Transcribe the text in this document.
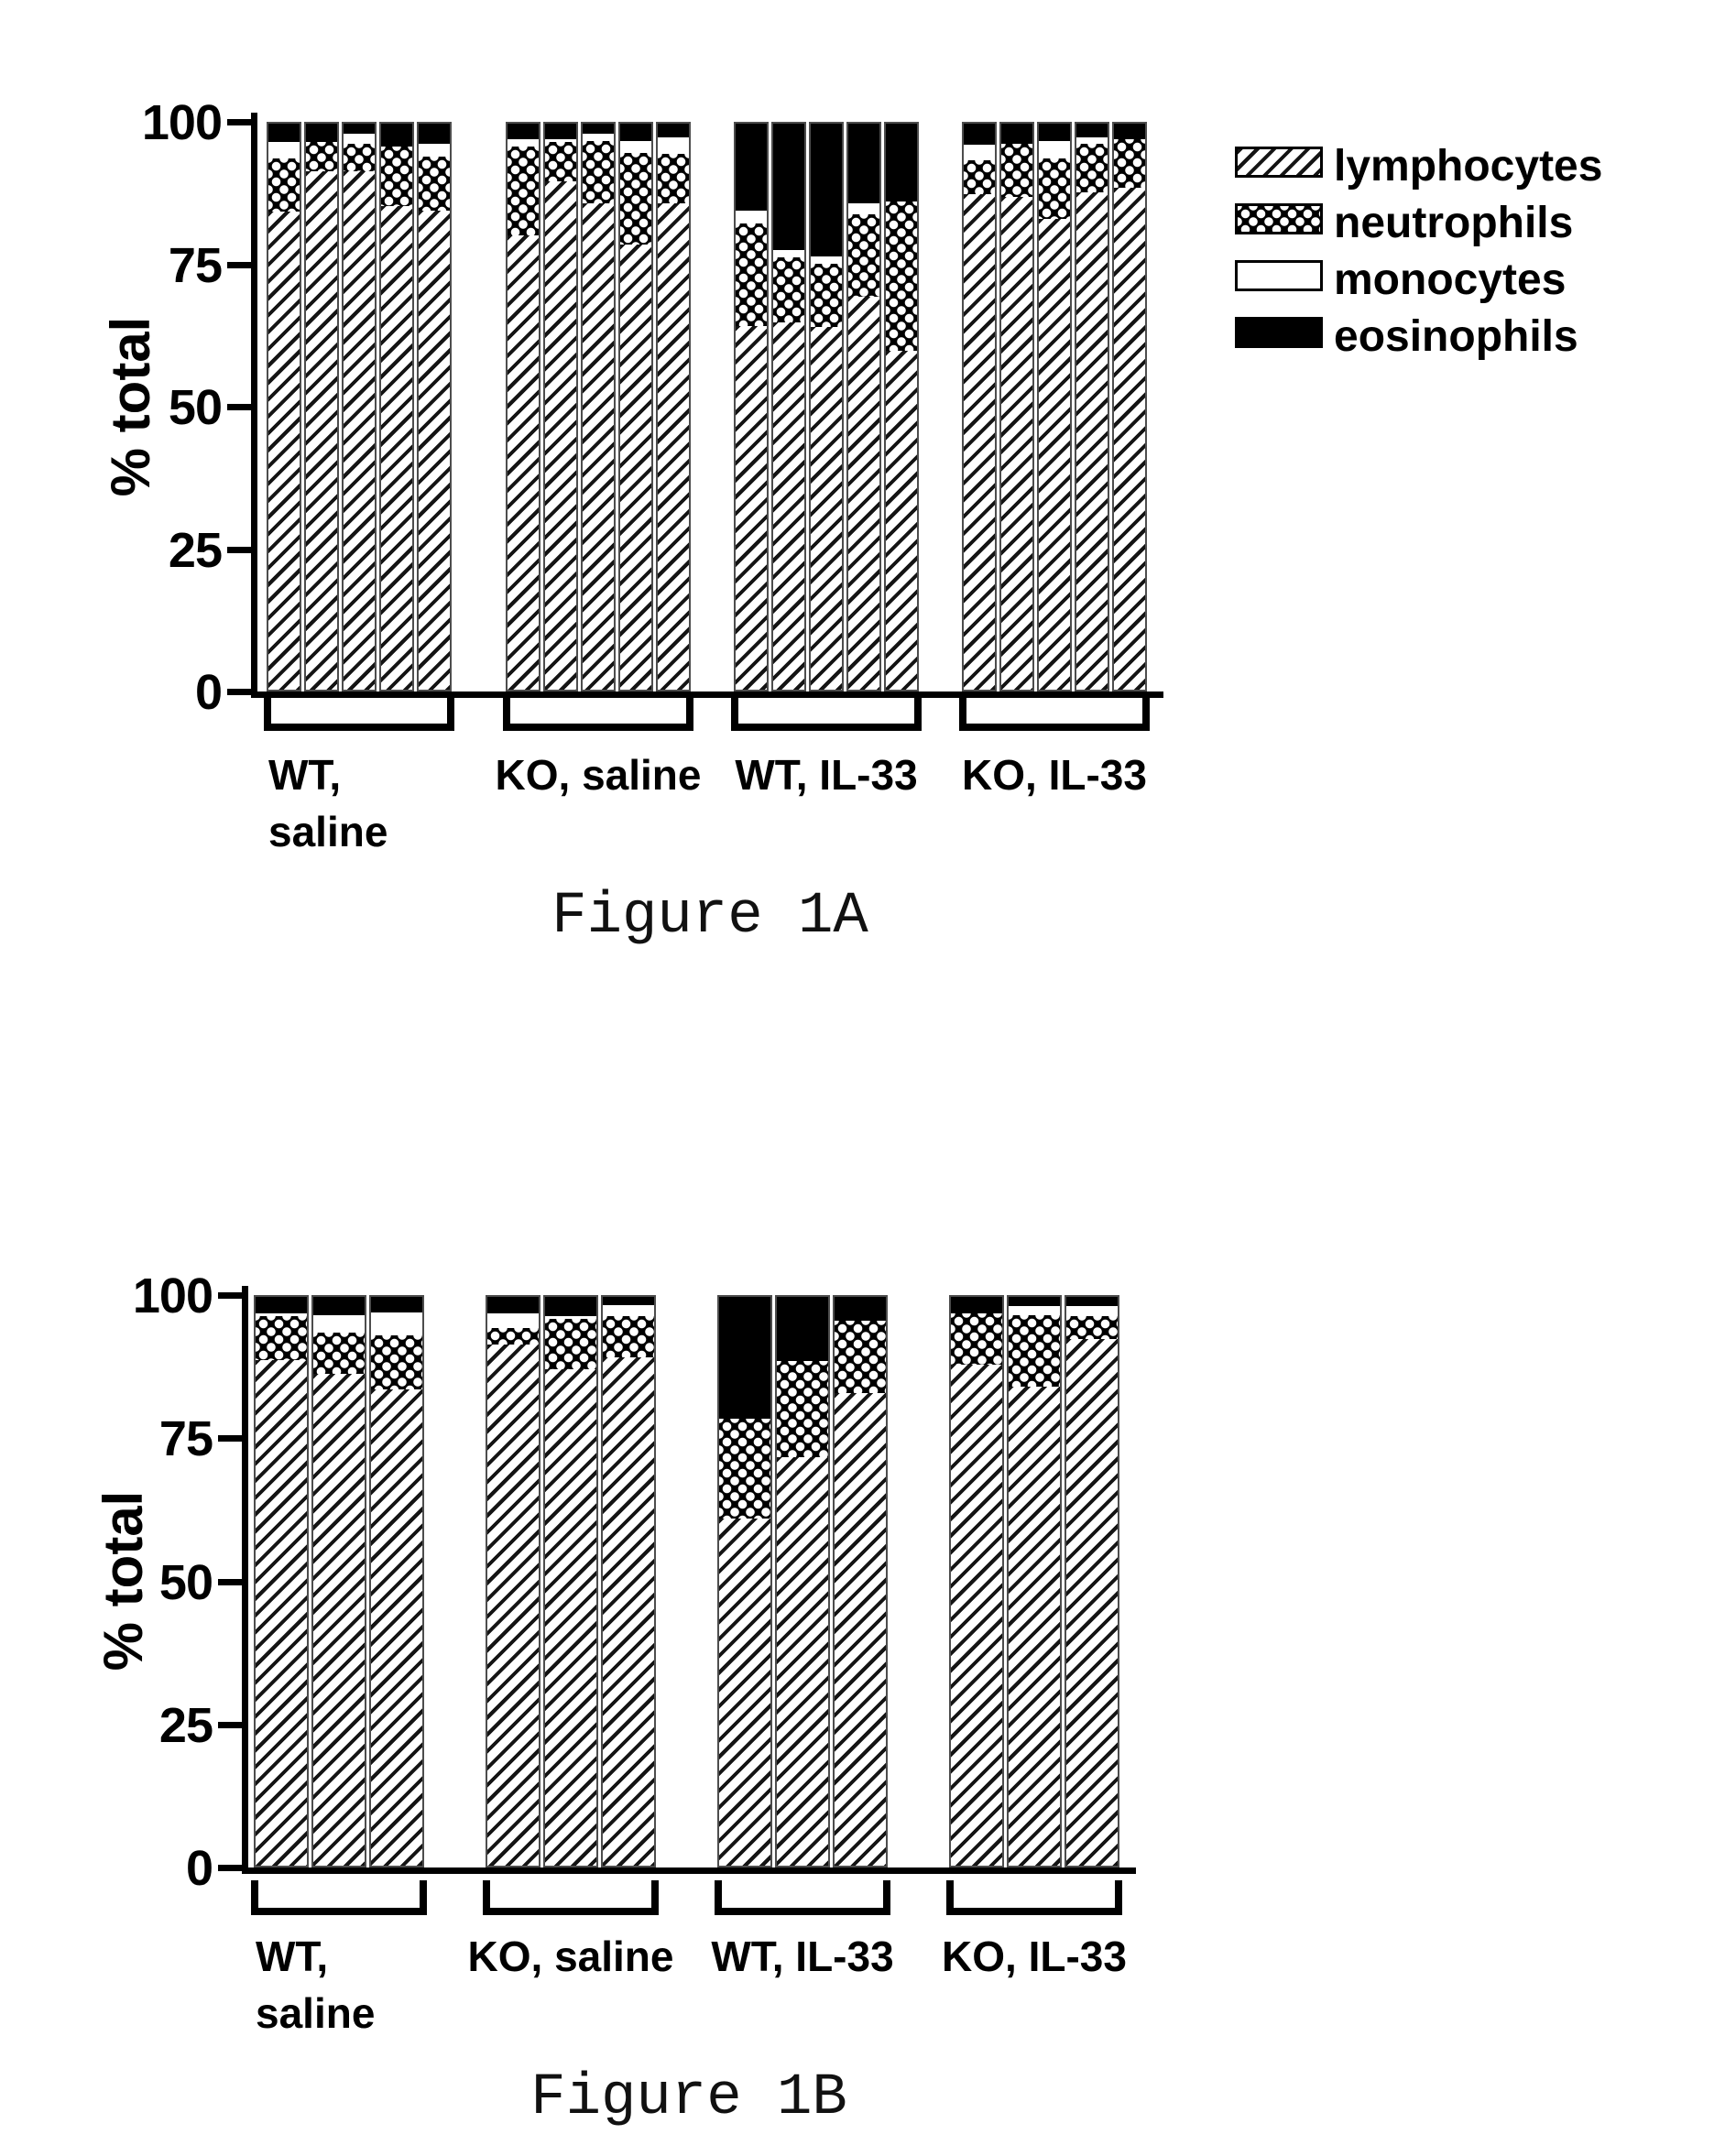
% total
% total
0
25
50
75
100
WT,
saline
KO, saline WT, IL-33	KO, IL-33
lymphocytes
neutrophils
monocytes
eosinophils
0
25
50
75
100
WT,
saline
KO, saline WT, IL-33	KO, IL-33
Figure 1A
Figure 1B
